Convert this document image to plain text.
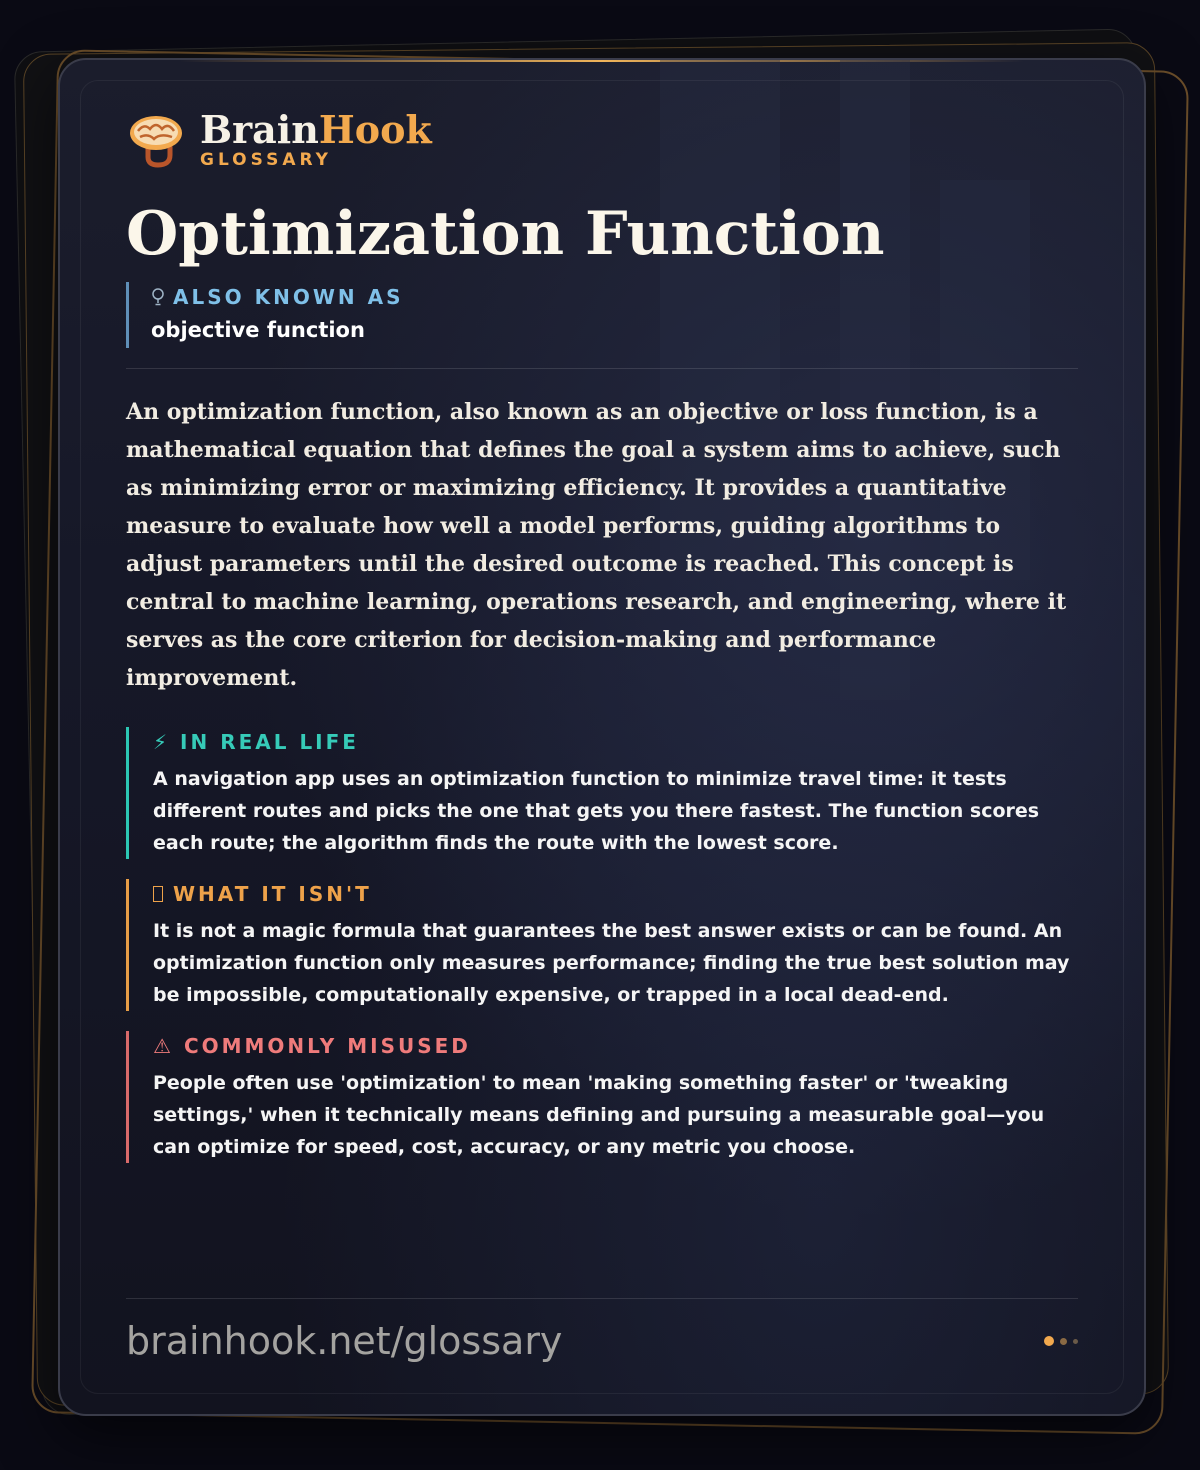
BrainHook
GLOSSARY
Optimization Function
ALSO KNOWN AS
objective function

An optimization function, also known as an objective or loss function, is a mathematical equation that defines the goal a system aims to achieve, such as minimizing error or maximizing efficiency. It provides a quantitative measure to evaluate how well a model performs, guiding algorithms to adjust parameters until the desired outcome is reached. This concept is central to machine learning, operations research, and engineering, where it serves as the core criterion for decision-making and performance improvement.

⚡ IN REAL LIFE
A navigation app uses an optimization function to minimize travel time: it tests different routes and picks the one that gets you there fastest. The function scores each route; the algorithm finds the route with the lowest score.
WHAT IT ISN'T
It is not a magic formula that guarantees the best answer exists or can be found. An optimization function only measures performance; finding the true best solution may be impossible, computationally expensive, or trapped in a local dead-end.
⚠ COMMONLY MISUSED
People often use 'optimization' to mean 'making something faster' or 'tweaking settings,' when it technically means defining and pursuing a measurable goal—you can optimize for speed, cost, accuracy, or any metric you choose.
brainhook.net/glossary
